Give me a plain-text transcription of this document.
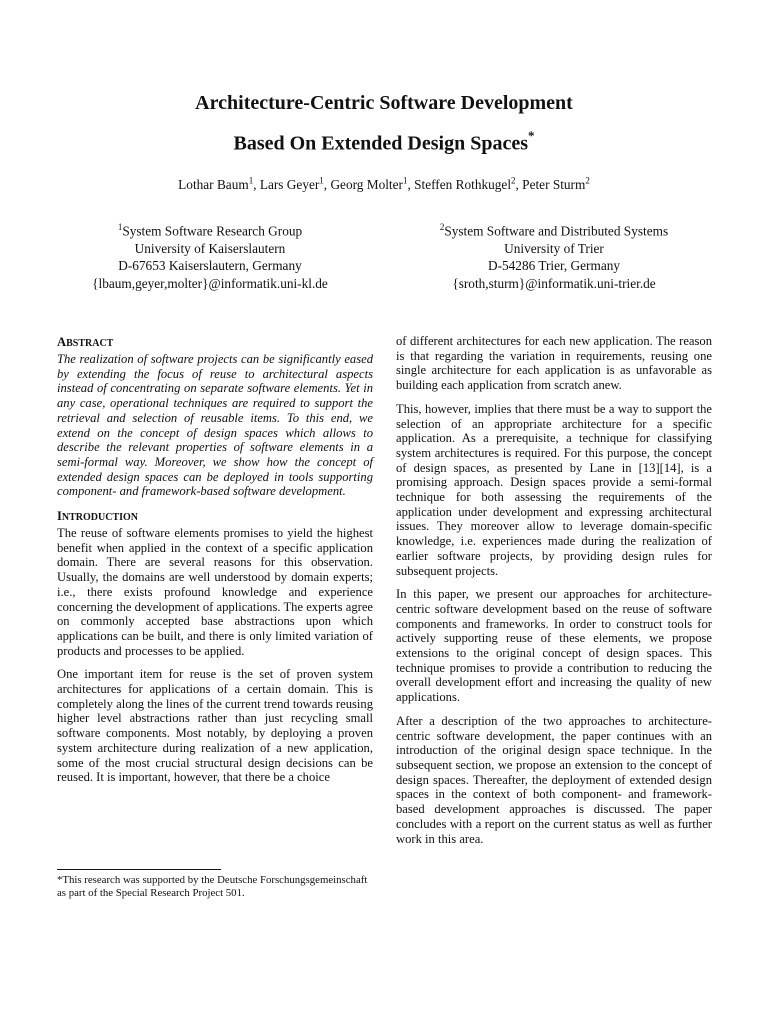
Architecture-Centric Software Development
Based On Extended Design Spaces*
Lothar Baum$^1$, Lars Geyer$^1$, Georg Molter$^1$, Steffen Rothkugel$^2$, Peter Sturm$^2$
$^1$System Software Research Group
University of Kaiserslautern
D-67653 Kaiserslautern, Germany
{lbaum,geyer,molter}@informatik.uni-kl.de
$^2$System Software and Distributed Systems
University of Trier
D-54286 Trier, Germany
{sroth,sturm}@informatik.uni-trier.de
ABSTRACT

The realization of software projects can be significantly eased by extending the focus of reuse to architectural aspects instead of concentrating on separate software elements. Yet in any case, operational techniques are required to support the retrieval and selection of reusable items. To this end, we extend on the concept of design spaces which allows to describe the relevant properties of software elements in a semi-formal way. Moreover, we show how the concept of extended design spaces can be deployed in tools supporting component- and framework-based software development.

INTRODUCTION

The reuse of software elements promises to yield the highest benefit when applied in the context of a specific application domain. There are several reasons for this observation. Usually, the domains are well understood by domain experts; i.e., there exists profound knowledge and experience concerning the development of applications. The experts agree on commonly accepted base abstractions upon which applications can be built, and there is only limited variation of products and processes to be applied.

One important item for reuse is the set of proven system architectures for applications of a certain domain. This is completely along the lines of the current trend towards reusing higher level abstractions rather than just recycling small software components. Most notably, by deploying a proven system architecture during realization of a new application, some of the most crucial structural design decisions can be reused. It is important, however, that there be a choice

*This research was supported by the Deutsche Forschungsgemeinschaft as part of the Special Research Project 501.

of different architectures for each new application. The reason is that regarding the variation in requirements, reusing one single architecture for each application is as unfavorable as building each application from scratch anew.

This, however, implies that there must be a way to support the selection of an appropriate architecture for a specific application. As a prerequisite, a technique for classifying system architectures is required. For this purpose, the concept of design spaces, as presented by Lane in [13][14], is a promising approach. Design spaces provide a semi-formal technique for both assessing the requirements of the application under development and expressing architectural issues. They moreover allow to leverage domain-specific knowledge, i.e. experiences made during the realization of earlier software projects, by providing design rules for subsequent projects.

In this paper, we present our approaches for architecture-centric software development based on the reuse of software components and frameworks. In order to construct tools for actively supporting reuse of these elements, we propose extensions to the original concept of design spaces. This technique promises to provide a contribution to reducing the overall development effort and increasing the quality of new applications.

After a description of the two approaches to architecture-centric software development, the paper continues with an introduction of the original design space technique. In the subsequent section, we propose an extension to the concept of design spaces. Thereafter, the deployment of extended design spaces in the context of both component- and framework-based development approaches is discussed. The paper concludes with a report on the current status as well as further work in this area.
